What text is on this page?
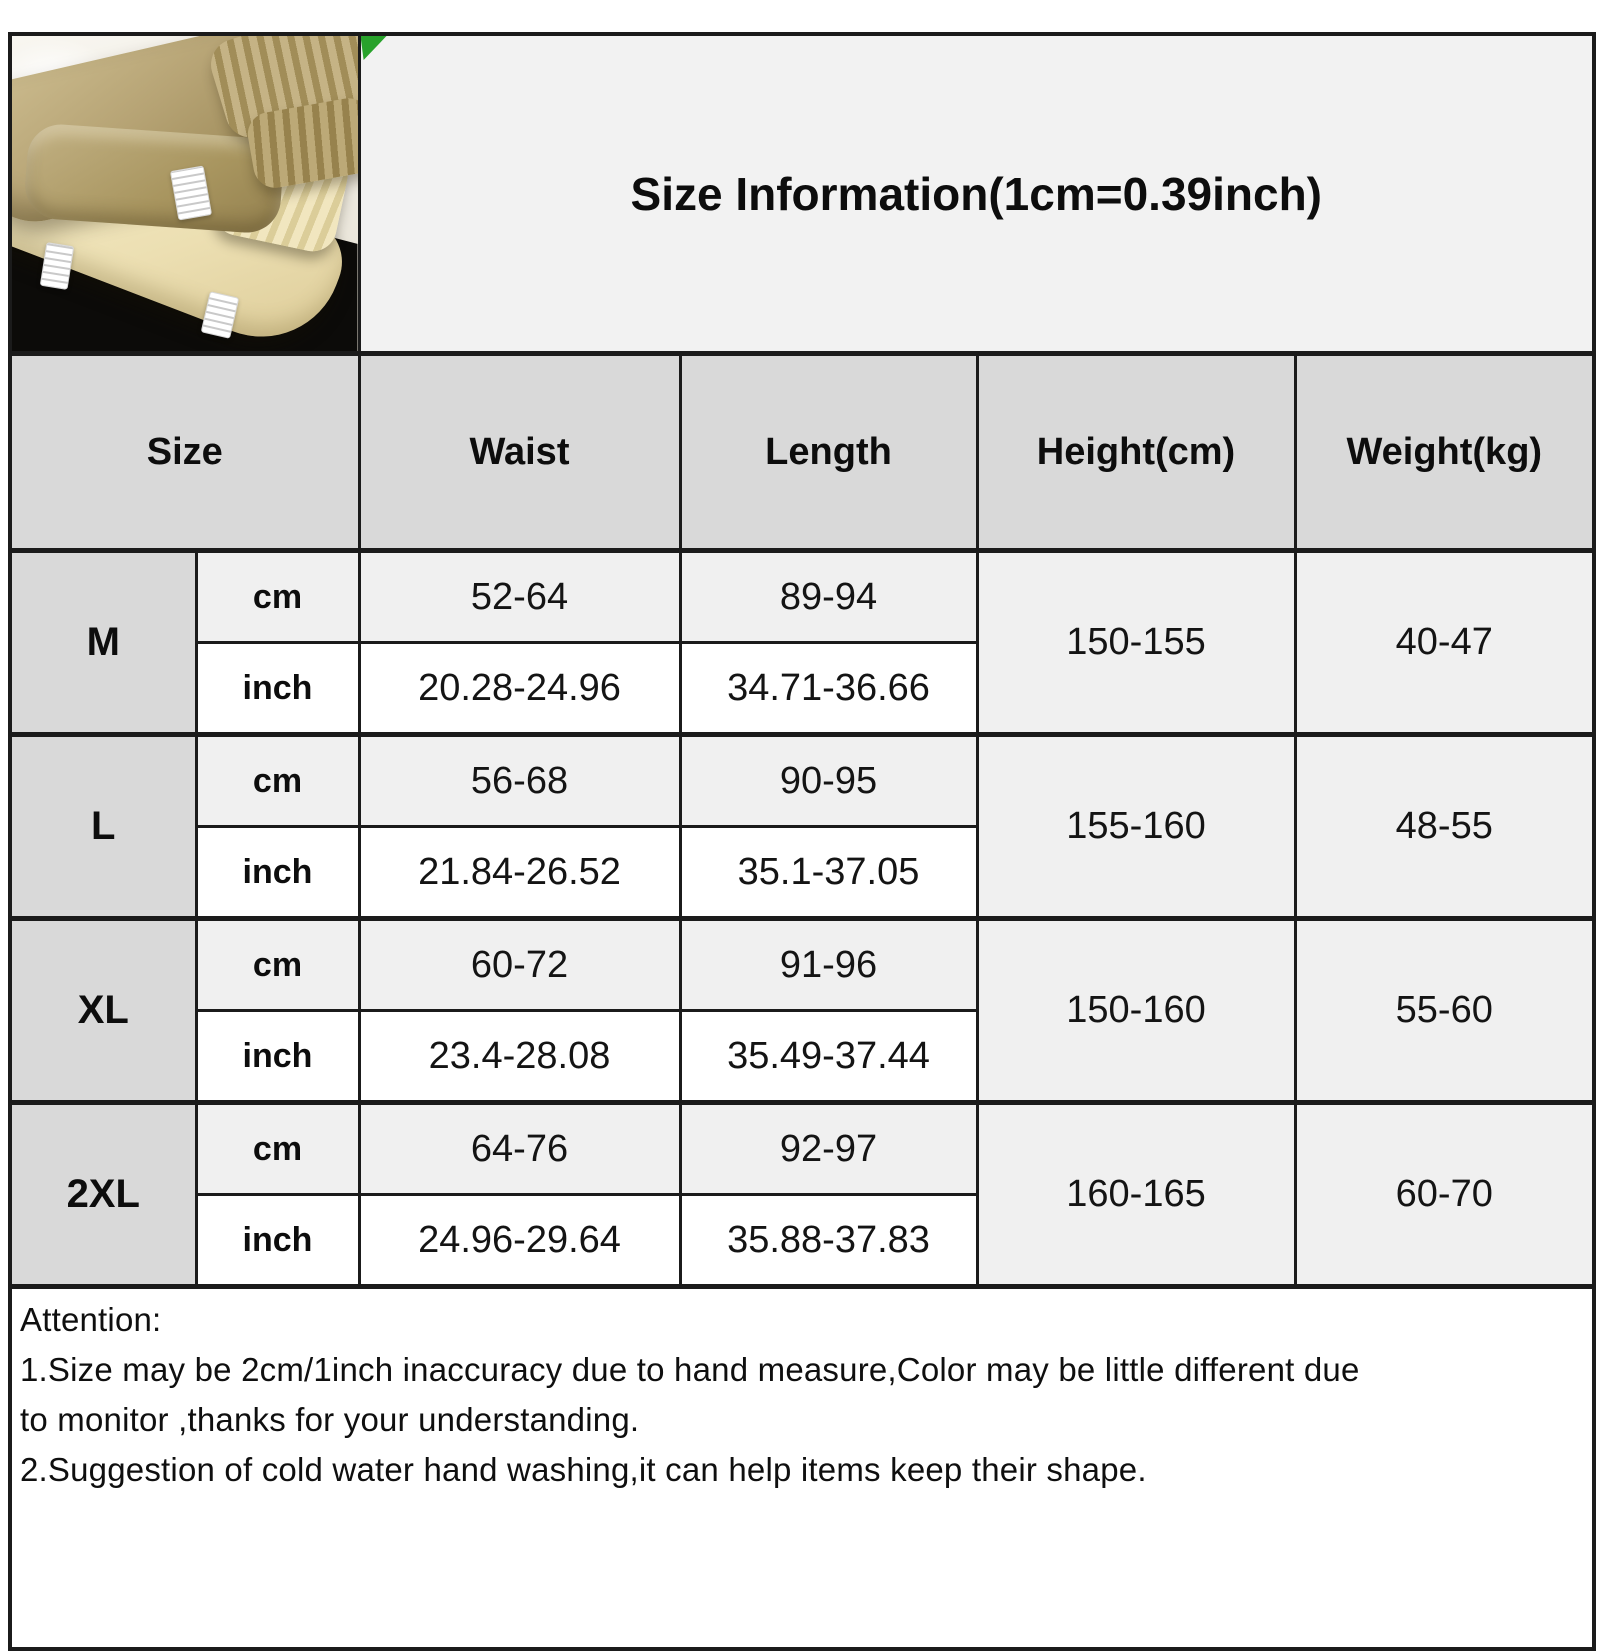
Size Information(1cm=0.39inch)			
Size		Waist	Length	Height(cm)	Weight(kg)
M	cm	52-64	89-94	150-155	40-47
	inch	20.28-24.96	34.71-36.66		
L	cm	56-68	90-95	155-160	48-55
	inch	21.84-26.52	35.1-37.05		
XL	cm	60-72	91-96	150-160	55-60
	inch	23.4-28.08	35.49-37.44		
2XL	cm	64-76	92-97	160-165	60-70
	inch	24.96-29.64	35.88-37.83		

Attention:
1.Size may be 2cm/1inch inaccuracy due to hand measure,Color may be little different due
to monitor ,thanks for your understanding.
2.Suggestion of cold water hand washing,it can help items keep their shape.					
